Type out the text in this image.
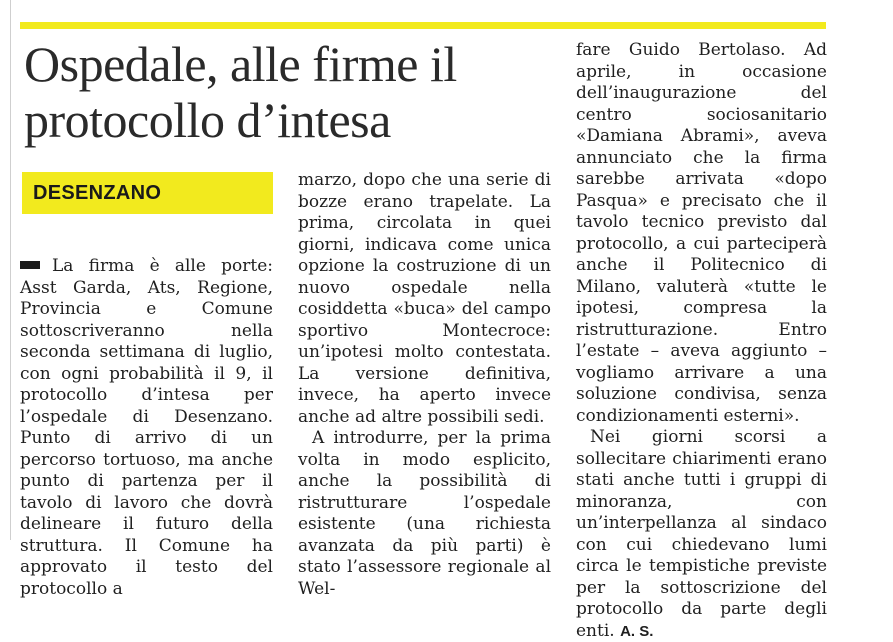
Ospedale, alle firme il protocollo d’intesa
DESENZANO

La firma è alle porte: Asst Garda, Ats, Regione, Provincia e Comune sottoscriveranno nella seconda settimana di luglio, con ogni probabilità il 9, il protocollo d’intesa per l’ospedale di Desenzano. Punto di arrivo di un percorso tortuoso, ma anche punto di partenza per il tavolo di lavoro che dovrà delineare il futuro della struttura. Il Comune ha approvato il testo del protocollo a

marzo, dopo che una serie di bozze erano trapelate. La prima, circolata in quei giorni, indicava come unica opzione la costruzione di un nuovo ospedale nella cosiddetta «buca» del campo sportivo Montecroce: un’ipotesi molto contestata. La versione definitiva, invece, ha aperto invece anche ad altre possibili sedi.

A introdurre, per la prima volta in modo esplicito, anche la possibilità di ristrutturare l’ospedale esistente (una richiesta avanzata da più parti) è stato l’assessore regionale al Wel-

fare Guido Bertolaso. Ad aprile, in occasione dell’inaugurazione del centro sociosanitario «Damiana Abrami», aveva annunciato che la firma sarebbe arrivata «dopo Pasqua» e precisato che il tavolo tecnico previsto dal protocollo, a cui parteciperà anche il Politecnico di Milano, valuterà «tutte le ipotesi, compresa la ristrutturazione. Entro l’estate – aveva aggiunto – vogliamo arrivare a una soluzione condivisa, senza condizionamenti esterni».

Nei giorni scorsi a sollecitare chiarimenti erano stati anche tutti i gruppi di minoranza, con un’interpellanza al sindaco con cui chiedevano lumi circa le tempistiche previste per la sottoscrizione del protocollo da parte degli enti. A. S.
